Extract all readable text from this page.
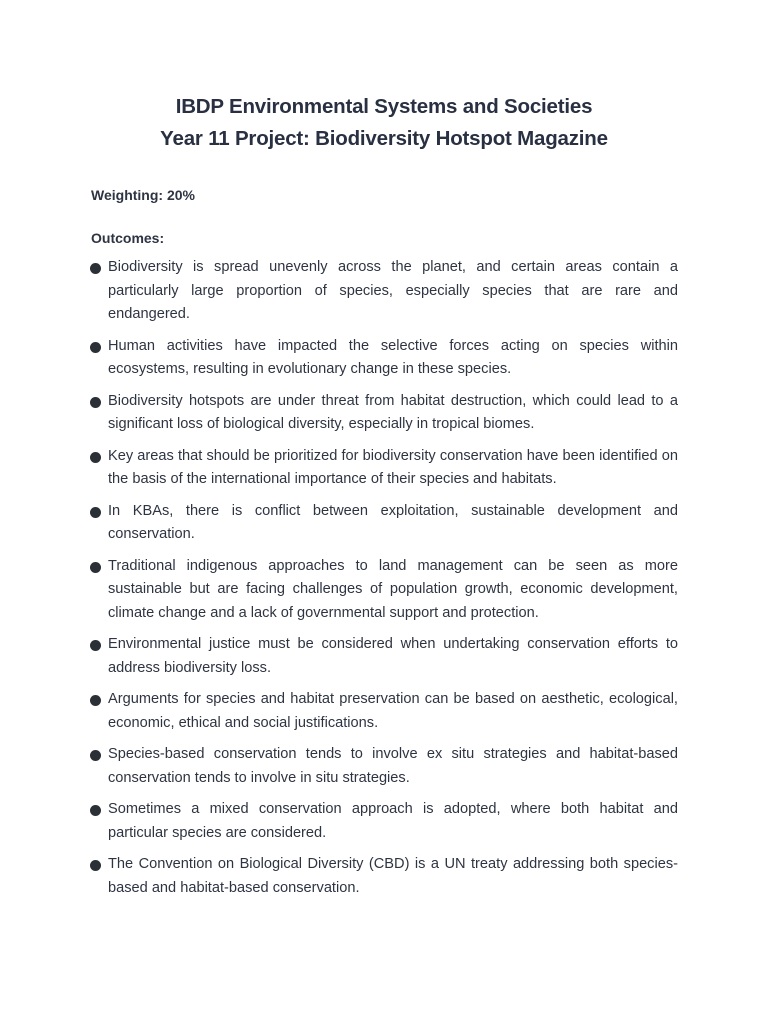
IBDP Environmental Systems and Societies
Year 11 Project: Biodiversity Hotspot Magazine
Weighting: 20%
Outcomes:
Biodiversity is spread unevenly across the planet, and certain areas contain a particularly large proportion of species, especially species that are rare and endangered.
Human activities have impacted the selective forces acting on species within ecosystems, resulting in evolutionary change in these species.
Biodiversity hotspots are under threat from habitat destruction, which could lead to a significant loss of biological diversity, especially in tropical biomes.
Key areas that should be prioritized for biodiversity conservation have been identified on the basis of the international importance of their species and habitats.
In KBAs, there is conflict between exploitation, sustainable development and conservation.
Traditional indigenous approaches to land management can be seen as more sustainable but are facing challenges of population growth, economic development, climate change and a lack of governmental support and protection.
Environmental justice must be considered when undertaking conservation efforts to address biodiversity loss.
Arguments for species and habitat preservation can be based on aesthetic, ecological, economic, ethical and social justifications.
Species-based conservation tends to involve ex situ strategies and habitat-based conservation tends to involve in situ strategies.
Sometimes a mixed conservation approach is adopted, where both habitat and particular species are considered.
The Convention on Biological Diversity (CBD) is a UN treaty addressing both species-based and habitat-based conservation.
